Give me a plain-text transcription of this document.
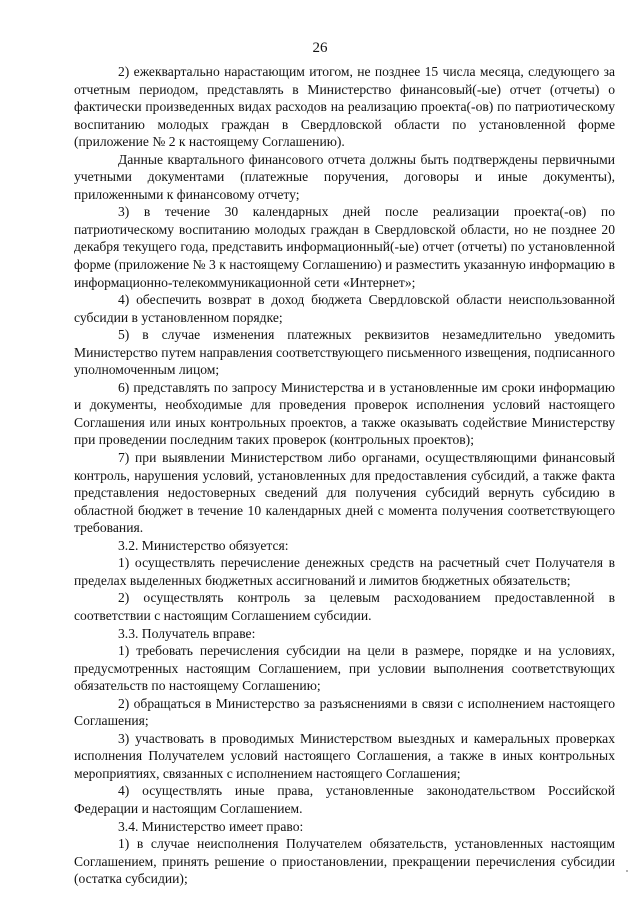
26

2) ежеквартально нарастающим итогом, не позднее 15 числа месяца, следующего за отчетным периодом, представлять в Министерство финансовый(-ые) отчет (отчеты) о фактически произведенных видах расходов на реализацию проекта(-ов) по патриотическому воспитанию молодых граждан в Свердловской области по установленной форме (приложение № 2 к настоящему Соглашению).

Данные квартального финансового отчета должны быть подтверждены первичными учетными документами (платежные поручения, договоры и иные документы), приложенными к финансовому отчету;

3) в течение 30 календарных дней после реализации проекта(-ов) по патриотическому воспитанию молодых граждан в Свердловской области, но не позднее 20 декабря текущего года, представить информационный(-ые) отчет (отчеты) по установленной форме (приложение № 3 к настоящему Соглашению) и разместить указанную информацию в информационно-телекоммуникационной сети «Интернет»;

4) обеспечить возврат в доход бюджета Свердловской области неиспользованной субсидии в установленном порядке;

5) в случае изменения платежных реквизитов незамедлительно уведомить Министерство путем направления соответствующего письменного извещения, подписанного уполномоченным лицом;

6) представлять по запросу Министерства и в установленные им сроки информацию и документы, необходимые для проведения проверок исполнения условий настоящего Соглашения или иных контрольных проектов, а также оказывать содействие Министерству при проведении последним таких проверок (контрольных проектов);

7) при выявлении Министерством либо органами, осуществляющими финансовый контроль, нарушения условий, установленных для предоставления субсидий, а также факта представления недостоверных сведений для получения субсидий вернуть субсидию в областной бюджет в течение 10 календарных дней с момента получения соответствующего требования.

3.2. Министерство обязуется:

1) осуществлять перечисление денежных средств на расчетный счет Получателя в пределах выделенных бюджетных ассигнований и лимитов бюджетных обязательств;

2) осуществлять контроль за целевым расходованием предоставленной в соответствии с настоящим Соглашением субсидии.

3.3. Получатель вправе:

1) требовать перечисления субсидии на цели в размере, порядке и на условиях, предусмотренных настоящим Соглашением, при условии выполнения соответствующих обязательств по настоящему Соглашению;

2) обращаться в Министерство за разъяснениями в связи с исполнением настоящего Соглашения;

3) участвовать в проводимых Министерством выездных и камеральных проверках исполнения Получателем условий настоящего Соглашения, а также в иных контрольных мероприятиях, связанных с исполнением настоящего Соглашения;

4) осуществлять иные права, установленные законодательством Российской Федерации и настоящим Соглашением.

3.4. Министерство имеет право:

1) в случае неисполнения Получателем обязательств, установленных настоящим Соглашением, принять решение о приостановлении, прекращении перечисления субсидии (остатка субсидии);
